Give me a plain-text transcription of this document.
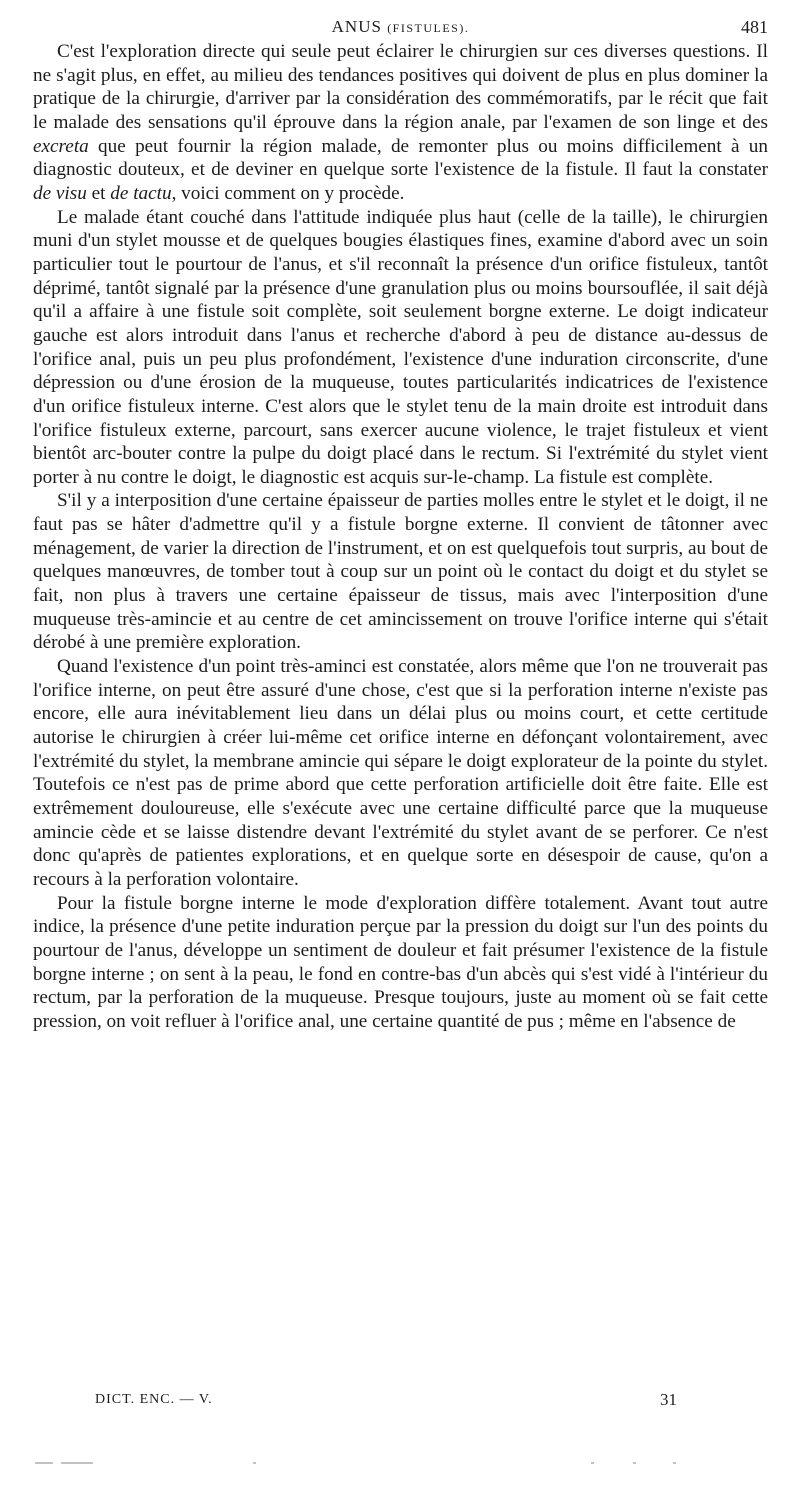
ANUS (FISTULES).	481

C'est l'exploration directe qui seule peut éclairer le chirurgien sur ces diverses questions. Il ne s'agit plus, en effet, au milieu des tendances positives qui doivent de plus en plus dominer la pratique de la chirurgie, d'arriver par la considération des commémoratifs, par le récit que fait le malade des sensations qu'il éprouve dans la région anale, par l'examen de son linge et des excreta que peut fournir la région malade, de remonter plus ou moins difficilement à un diagnostic douteux, et de deviner en quelque sorte l'existence de la fistule. Il faut la constater de visu et de tactu, voici comment on y procède.

Le malade étant couché dans l'attitude indiquée plus haut (celle de la taille), le chirurgien muni d'un stylet mousse et de quelques bougies élastiques fines, examine d'abord avec un soin particulier tout le pourtour de l'anus, et s'il reconnaît la présence d'un orifice fistuleux, tantôt déprimé, tantôt signalé par la présence d'une granulation plus ou moins boursouflée, il sait déjà qu'il a affaire à une fistule soit complète, soit seulement borgne externe. Le doigt indicateur gauche est alors introduit dans l'anus et recherche d'abord à peu de distance au-dessus de l'orifice anal, puis un peu plus profondément, l'existence d'une induration circonscrite, d'une dépression ou d'une érosion de la muqueuse, toutes particularités indicatrices de l'existence d'un orifice fistuleux interne. C'est alors que le stylet tenu de la main droite est introduit dans l'orifice fistuleux externe, parcourt, sans exercer aucune violence, le trajet fistuleux et vient bientôt arc-bouter contre la pulpe du doigt placé dans le rectum. Si l'extrémité du stylet vient porter à nu contre le doigt, le diagnostic est acquis sur-le-champ. La fistule est complète.

S'il y a interposition d'une certaine épaisseur de parties molles entre le stylet et le doigt, il ne faut pas se hâter d'admettre qu'il y a fistule borgne externe. Il convient de tâtonner avec ménagement, de varier la direction de l'instrument, et on est quelquefois tout surpris, au bout de quelques manœuvres, de tomber tout à coup sur un point où le contact du doigt et du stylet se fait, non plus à travers une certaine épaisseur de tissus, mais avec l'interposition d'une muqueuse très-amincie et au centre de cet amincissement on trouve l'orifice interne qui s'était dérobé à une première exploration.

Quand l'existence d'un point très-aminci est constatée, alors même que l'on ne trouverait pas l'orifice interne, on peut être assuré d'une chose, c'est que si la perforation interne n'existe pas encore, elle aura inévitablement lieu dans un délai plus ou moins court, et cette certitude autorise le chirurgien à créer lui-même cet orifice interne en défonçant volontairement, avec l'extrémité du stylet, la membrane amincie qui sépare le doigt explorateur de la pointe du stylet. Toutefois ce n'est pas de prime abord que cette perforation artificielle doit être faite. Elle est extrêmement douloureuse, elle s'exécute avec une certaine difficulté parce que la muqueuse amincie cède et se laisse distendre devant l'extrémité du stylet avant de se perforer. Ce n'est donc qu'après de patientes explorations, et en quelque sorte en désespoir de cause, qu'on a recours à la perforation volontaire.

Pour la fistule borgne interne le mode d'exploration diffère totalement. Avant tout autre indice, la présence d'une petite induration perçue par la pression du doigt sur l'un des points du pourtour de l'anus, développe un sentiment de douleur et fait présumer l'existence de la fistule borgne interne ; on sent à la peau, le fond en contre-bas d'un abcès qui s'est vidé à l'intérieur du rectum, par la perforation de la muqueuse. Presque toujours, juste au moment où se fait cette pression, on voit refluer à l'orifice anal, une certaine quantité de pus ; même en l'absence de

DICT. ENC. — V.	31
